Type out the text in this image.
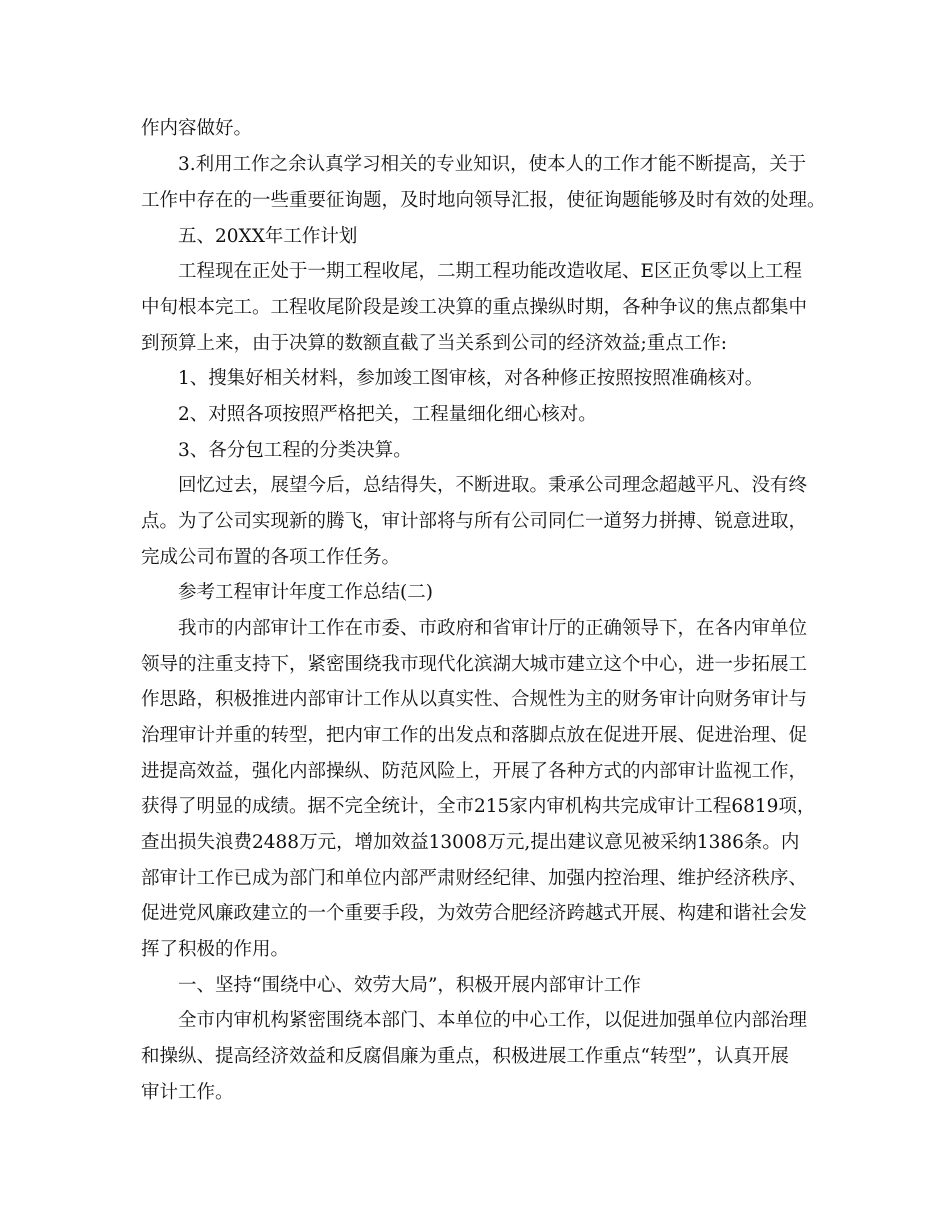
作内容做好。
3.利用工作之余认真学习相关的专业知识，使本人的工作才能不断提高，关于
工作中存在的一些重要征询题，及时地向领导汇报，使征询题能够及时有效的处理。
五、20XX年工作计划
工程现在正处于一期工程收尾，二期工程功能改造收尾、E区正负零以上工程
中旬根本完工。工程收尾阶段是竣工决算的重点操纵时期，各种争议的焦点都集中
到预算上来，由于决算的数额直截了当关系到公司的经济效益;重点工作:
1、搜集好相关材料，参加竣工图审核，对各种修正按照按照准确核对。
2、对照各项按照严格把关，工程量细化细心核对。
3、各分包工程的分类决算。
回忆过去，展望今后，总结得失，不断进取。秉承公司理念超越平凡、没有终
点。为了公司实现新的腾飞，审计部将与所有公司同仁一道努力拼搏、锐意进取，
完成公司布置的各项工作任务。
参考工程审计年度工作总结(二)
我市的内部审计工作在市委、市政府和省审计厅的正确领导下，在各内审单位
领导的注重支持下，紧密围绕我市现代化滨湖大城市建立这个中心，进一步拓展工
作思路，积极推进内部审计工作从以真实性、合规性为主的财务审计向财务审计与
治理审计并重的转型，把内审工作的出发点和落脚点放在促进开展、促进治理、促
进提高效益，强化内部操纵、防范风险上，开展了各种方式的内部审计监视工作，
获得了明显的成绩。据不完全统计，全市215家内审机构共完成审计工程6819项，
查出损失浪费2488万元，增加效益13008万元,提出建议意见被采纳1386条。内
部审计工作已成为部门和单位内部严肃财经纪律、加强内控治理、维护经济秩序、
促进党风廉政建立的一个重要手段，为效劳合肥经济跨越式开展、构建和谐社会发
挥了积极的作用。
一、坚持“围绕中心、效劳大局”，积极开展内部审计工作
全市内审机构紧密围绕本部门、本单位的中心工作，以促进加强单位内部治理
和操纵、提高经济效益和反腐倡廉为重点，积极进展工作重点“转型”，认真开展
审计工作。
